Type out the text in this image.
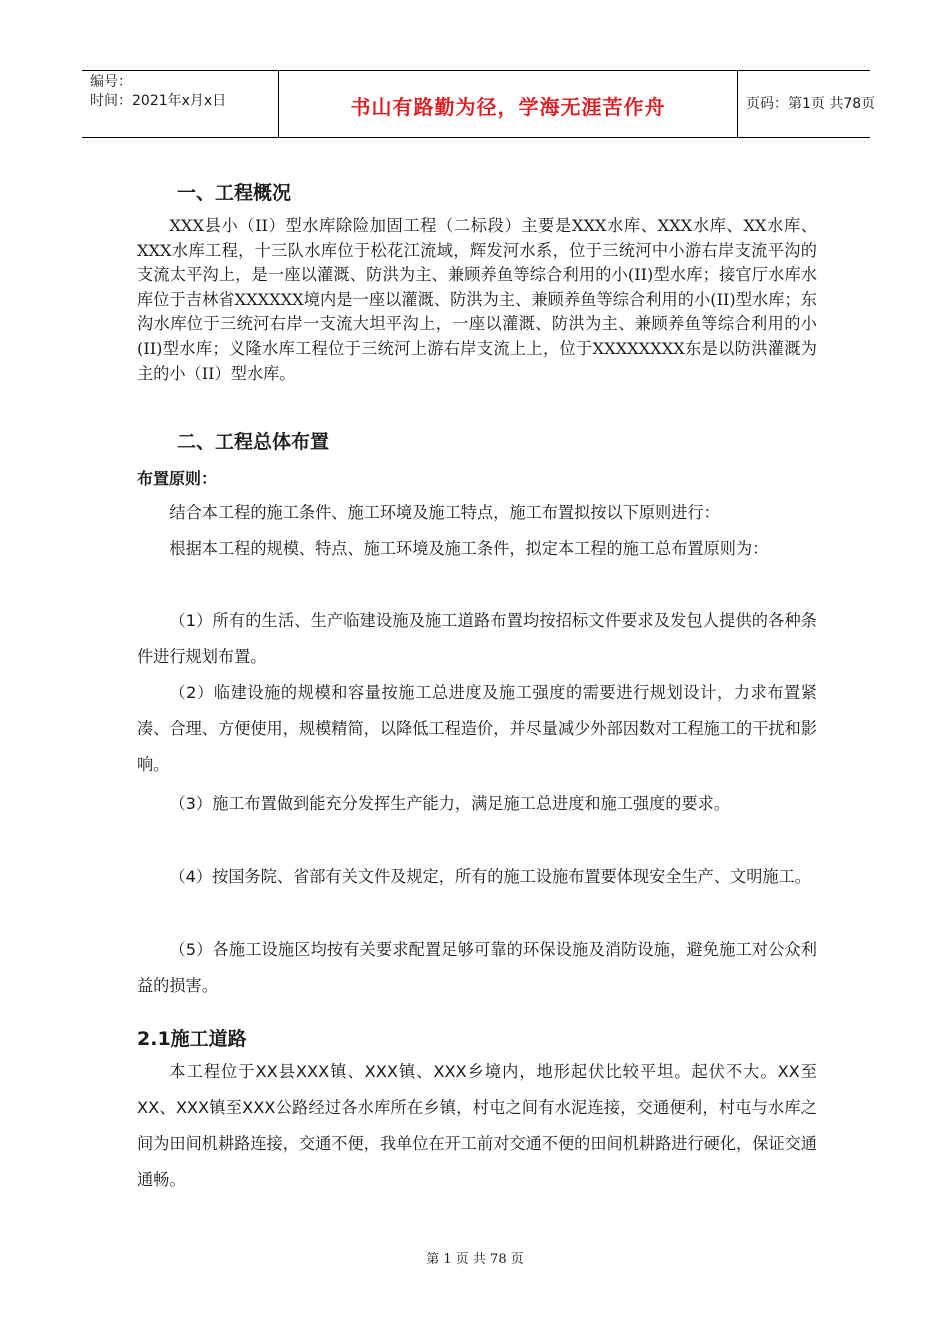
编号：
时间：2021年x月x日	书山有路勤为径，学海无涯苦作舟	页码：第1页 共78页
一、工程概况

XXX县小（II）型水库除险加固工程（二标段）主要是XXX水库、XXX水库、XX水库、XXX水库工程，十三队水库位于松花江流域，辉发河水系，位于三统河中小游右岸支流平沟的支流太平沟上，是一座以灌溉、防洪为主、兼顾养鱼等综合利用的小(II)型水库；接官厅水库水库位于吉林省XXXXXX境内是一座以灌溉、防洪为主、兼顾养鱼等综合利用的小(II)型水库；东沟水库位于三统河右岸一支流大坦平沟上，一座以灌溉、防洪为主、兼顾养鱼等综合利用的小(II)型水库；义隆水库工程位于三统河上游右岸支流上上，位于XXXXXXXX东是以防洪灌溉为主的小（II）型水库。

二、工程总体布置
布置原则：

结合本工程的施工条件、施工环境及施工特点，施工布置拟按以下原则进行：

根据本工程的规模、特点、施工环境及施工条件，拟定本工程的施工总布置原则为：

（1）所有的生活、生产临建设施及施工道路布置均按招标文件要求及发包人提供的各种条件进行规划布置。

（2）临建设施的规模和容量按施工总进度及施工强度的需要进行规划设计，力求布置紧凑、合理、方便使用，规模精简，以降低工程造价，并尽量减少外部因数对工程施工的干扰和影响。

（3）施工布置做到能充分发挥生产能力，满足施工总进度和施工强度的要求。

（4）按国务院、省部有关文件及规定，所有的施工设施布置要体现安全生产、文明施工。

（5）各施工设施区均按有关要求配置足够可靠的环保设施及消防设施，避免施工对公众利益的损害。

2.1施工道路

本工程位于XX县XXX镇、XXX镇、XXX乡境内，地形起伏比较平坦。起伏不大。XX至XX、XXX镇至XXX公路经过各水库所在乡镇，村屯之间有水泥连接，交通便利，村屯与水库之间为田间机耕路连接，交通不便，我单位在开工前对交通不便的田间机耕路进行硬化，保证交通通畅。

第 1 页 共 78 页
